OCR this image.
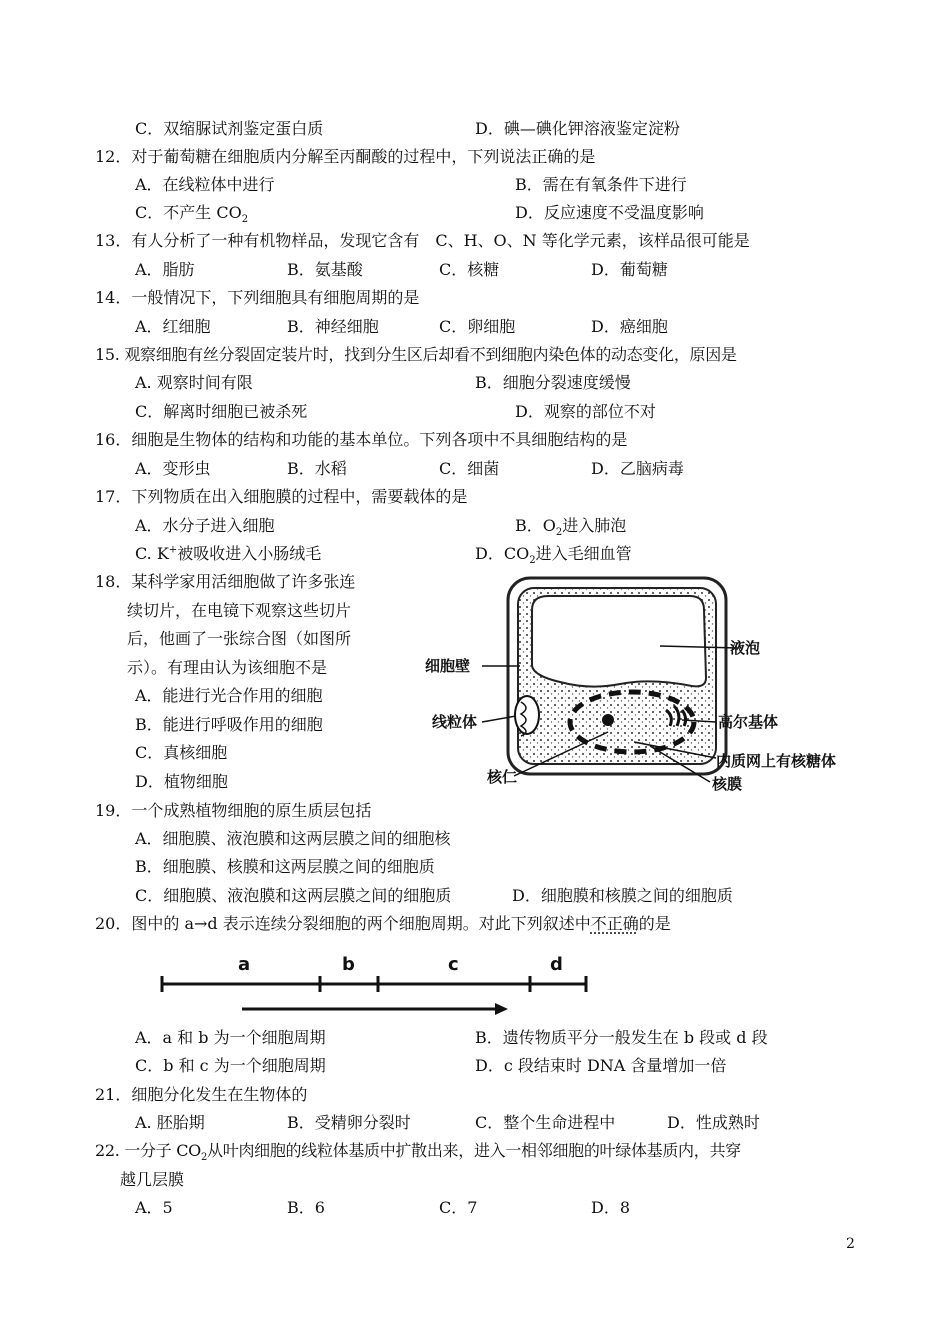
C．双缩脲试剂鉴定蛋白质	D．碘—碘化钾溶液鉴定淀粉
12．对于葡萄糖在细胞质内分解至丙酮酸的过程中，下列说法正确的是
A．在线粒体中进行	B．需在有氧条件下进行
C．不产生 $CO_2$	D．反应速度不受温度影响
13．有人分析了一种有机物样品，发现它含有　C、H、O、N 等化学元素，该样品很可能是
A．脂肪	B．氨基酸	C．核糖	D．葡萄糖
14．一般情况下，下列细胞具有细胞周期的是
A．红细胞	B．神经细胞	C．卵细胞	D．癌细胞
15. 观察细胞有丝分裂固定装片时，找到分生区后却看不到细胞内染色体的动态变化，原因是
A. 观察时间有限	B．细胞分裂速度缓慢
C．解离时细胞已被杀死	D．观察的部位不对
16．细胞是生物体的结构和功能的基本单位。下列各项中不具细胞结构的是
A．变形虫	B．水稻	C．细菌	D．乙脑病毒
17．下列物质在出入细胞膜的过程中，需要载体的是
A．水分子进入细胞	B．$O_2$进入肺泡
C. K+被吸收进入小肠绒毛	D．$CO_2$进入毛细血管
18．某科学家用活细胞做了许多张连
续切片，在电镜下观察这些切片
后，他画了一张综合图（如图所
示）。有理由认为该细胞不是
A．能进行光合作用的细胞
B．能进行呼吸作用的细胞
C．真核细胞
D．植物细胞
液泡
细胞壁
线粒体	高尔基体
内质网上有核糖体
核仁	核膜
19．一个成熟植物细胞的原生质层包括
A．细胞膜、液泡膜和这两层膜之间的细胞核
B．细胞膜、核膜和这两层膜之间的细胞质
C．细胞膜、液泡膜和这两层膜之间的细胞质	D．细胞膜和核膜之间的细胞质
20．图中的 a→d 表示连续分裂细胞的两个细胞周期。对此下列叙述中不正确的是
a	b	c	d
A．a 和 b 为一个细胞周期	B．遗传物质平分一般发生在 b 段或 d 段
C．b 和 c 为一个细胞周期	D．c 段结束时 DNA 含量增加一倍
21．细胞分化发生在生物体的
A. 胚胎期	B．受精卵分裂时	C．整个生命进程中	D．性成熟时
22. 一分子 $CO_2$从叶肉细胞的线粒体基质中扩散出来，进入一相邻细胞的叶绿体基质内，共穿
越几层膜
A．5	B．6	C．7	D．8
2
